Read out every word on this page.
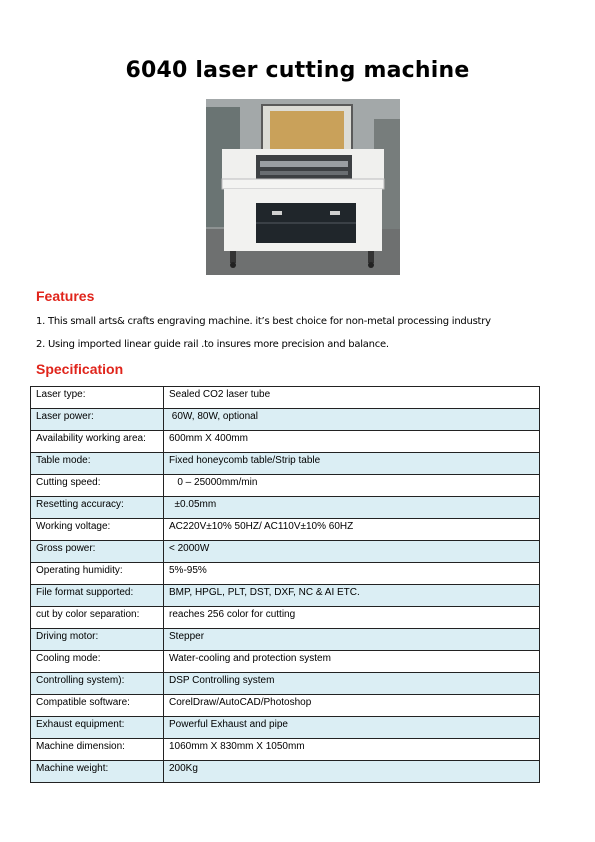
6040 laser cutting machine
Features
1. This small arts& crafts engraving machine. it’s best choice for non-metal processing industry
2. Using imported linear guide rail .to insures more precision and balance.
Specification
Laser type:	Sealed CO2 laser tube
Laser power:	60W, 80W, optional
Availability working area:	600mm X 400mm
Table mode:	Fixed honeycomb table/Strip table
Cutting speed:	0 – 25000mm/min
Resetting accuracy:	±0.05mm
Working voltage:	AC220V±10% 50HZ/ AC110V±10% 60HZ
Gross power:	< 2000W
Operating humidity:	5%-95%
File format supported:	BMP, HPGL, PLT, DST, DXF, NC & AI ETC.
cut by color separation:	reaches 256 color for cutting
Driving motor:	Stepper
Cooling mode:	Water-cooling and protection system
Controlling system):	DSP Controlling system
Compatible software:	CorelDraw/AutoCAD/Photoshop
Exhaust equipment:	Powerful Exhaust and pipe
Machine dimension:	1060mm X 830mm X 1050mm
Machine weight:	200Kg
